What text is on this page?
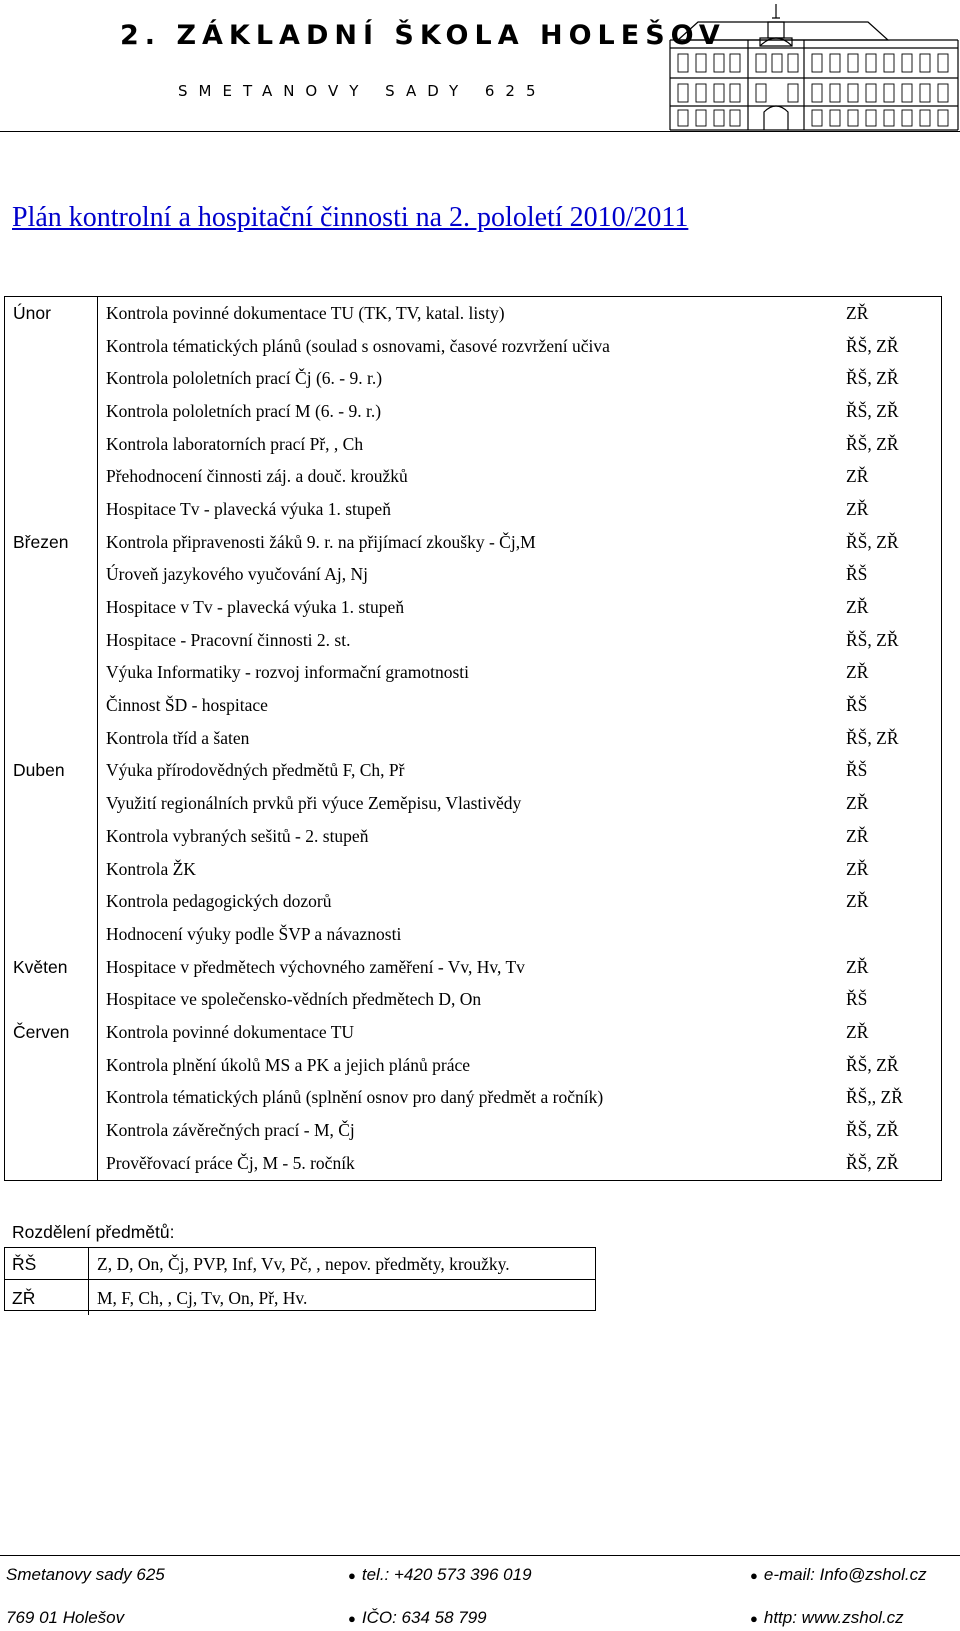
2. ZÁKLADNÍ ŠKOLA HOLEŠOV
SMETANOVY SADY 625
Plán kontrolní a hospitační činnosti na 2. pololetí 2010/2011
Únor	Kontrola povinné dokumentace TU (TK, TV, katal. listy)	ZŘ
	Kontrola tématických plánů (soulad s osnovami, časové rozvržení učiva	ŘŠ, ZŘ
	Kontrola pololetních prací Čj (6. - 9. r.)	ŘŠ, ZŘ
	Kontrola pololetních prací M (6. - 9. r.)	ŘŠ, ZŘ
	Kontrola laboratorních prací Př, , Ch	ŘŠ, ZŘ
	Přehodnocení činnosti záj. a douč. kroužků	ZŘ
	Hospitace Tv - plavecká výuka 1. stupeň	ZŘ
Březen	Kontrola připravenosti žáků 9. r. na přijímací zkoušky - Čj,M	ŘŠ, ZŘ
	Úroveň jazykového vyučování Aj, Nj	ŘŠ
	Hospitace v Tv - plavecká výuka 1. stupeň	ZŘ
	Hospitace - Pracovní činnosti 2. st.	ŘŠ, ZŘ
	Výuka Informatiky - rozvoj informační gramotnosti	ZŘ
	Činnost ŠD - hospitace	ŘŠ
	Kontrola tříd a šaten	ŘŠ, ZŘ
Duben	Výuka přírodovědných předmětů F, Ch, Př	ŘŠ
	Využití regionálních prvků při výuce Zeměpisu, Vlastivědy	ZŘ
	Kontrola vybraných sešitů - 2. stupeň	ZŘ
	Kontrola ŽK	ZŘ
	Kontrola pedagogických dozorů	ZŘ
	Hodnocení výuky podle ŠVP a návaznosti	
Květen	Hospitace v předmětech výchovného zaměření - Vv, Hv, Tv	ZŘ
	Hospitace ve společensko-vědních předmětech D, On	ŘŠ
Červen	Kontrola povinné dokumentace TU	ZŘ
	Kontrola plnění úkolů MS a PK a jejich plánů práce	ŘŠ, ZŘ
	Kontrola tématických plánů (splnění osnov pro daný předmět a ročník)	ŘŠ,, ZŘ
	Kontrola závěrečných prací - M, Čj	ŘŠ, ZŘ
	Prověřovací práce Čj, M - 5. ročník	ŘŠ, ZŘ
Rozdělení předmětů:
ŘŠ	Z, D, On, Čj, PVP, Inf, Vv, Pč, , nepov. předměty, kroužky.
ZŘ	M, F, Ch, , Cj, Tv, On, Př, Hv.
Smetanovy sady 625
769 01 Holešov
● tel.: +420 573 396 019
● IČO: 634 58 799
● e-mail: Info@zshol.cz
● http: www.zshol.cz
